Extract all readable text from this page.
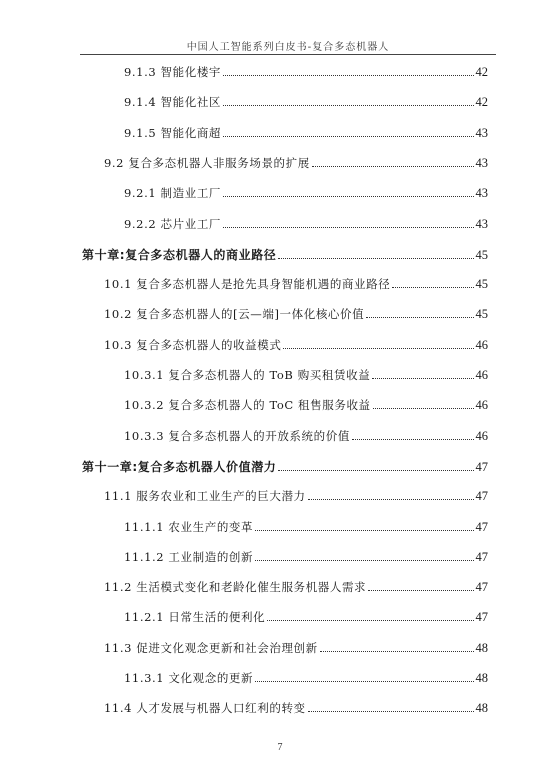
中国人工智能系列白皮书-复合多态机器人
9.1.3 智能化楼宇	42
9.1.4 智能化社区	42
9.1.5 智能化商超	43
9.2 复合多态机器人非服务场景的扩展	43
9.2.1 制造业工厂	43
9.2.2 芯片业工厂	43
第十章:复合多态机器人的商业路径	45
10.1 复合多态机器人是抢先具身智能机遇的商业路径	45
10.2 复合多态机器人的[云—端]一体化核心价值	45
10.3 复合多态机器人的收益模式	46
10.3.1 复合多态机器人的 ToB 购买租赁收益	46
10.3.2 复合多态机器人的 ToC 租售服务收益	46
10.3.3 复合多态机器人的开放系统的价值	46
第十一章:复合多态机器人价值潜力	47
11.1 服务农业和工业生产的巨大潜力	47
11.1.1 农业生产的变革	47
11.1.2 工业制造的创新	47
11.2 生活模式变化和老龄化催生服务机器人需求	47
11.2.1 日常生活的便利化	47
11.3 促进文化观念更新和社会治理创新	48
11.3.1 文化观念的更新	48
11.4 人才发展与机器人口红利的转变	48
7
